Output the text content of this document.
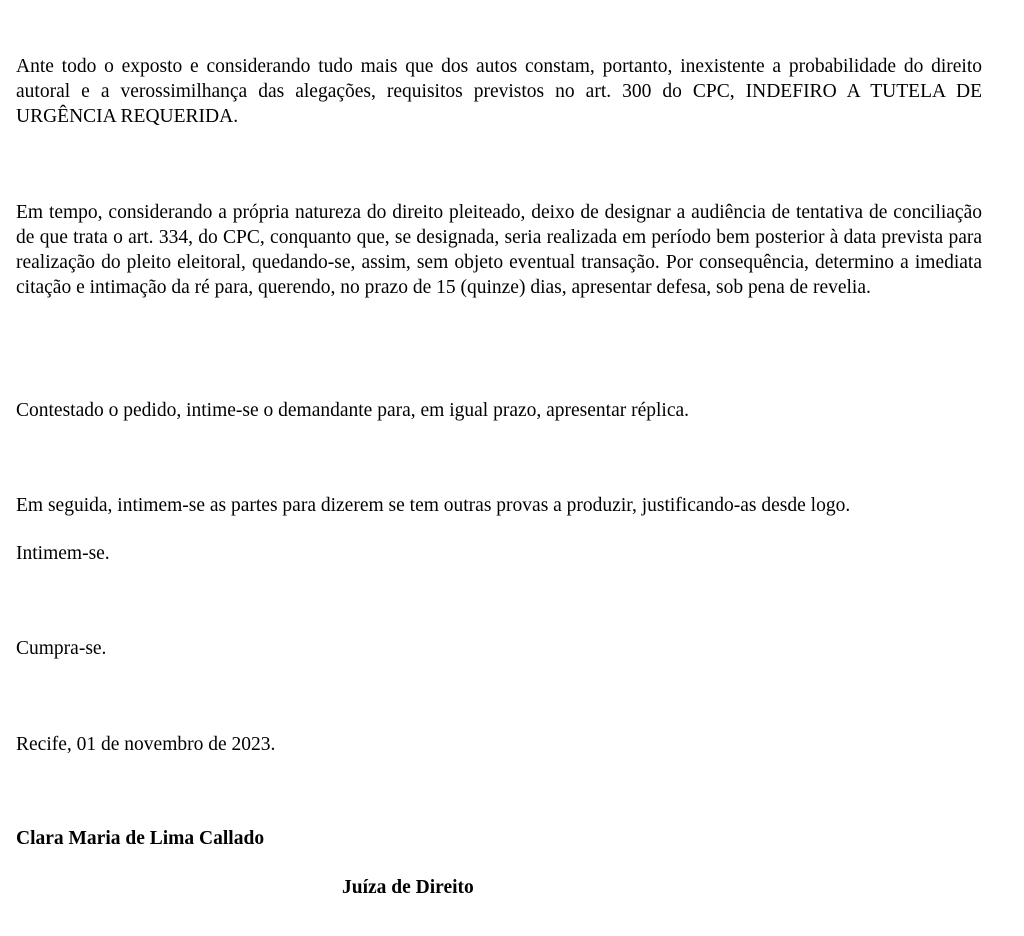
Ante todo o exposto e considerando tudo mais que dos autos constam, portanto, inexistente a probabilidade do direito autoral e a verossimilhança das alegações, requisitos previstos no art. 300 do CPC, INDEFIRO A TUTELA DE URGÊNCIA REQUERIDA.

Em tempo, considerando a própria natureza do direito pleiteado, deixo de designar a audiência de tentativa de conciliação de que trata o art. 334, do CPC, conquanto que, se designada, seria realizada em período bem posterior à data prevista para realização do pleito eleitoral, quedando-se, assim, sem objeto eventual transação. Por consequência, determino a imediata citação e intimação da ré para, querendo, no prazo de 15 (quinze) dias, apresentar defesa, sob pena de revelia.

Contestado o pedido, intime-se o demandante para, em igual prazo, apresentar réplica.

Em seguida, intimem-se as partes para dizerem se tem outras provas a produzir, justificando-as desde logo.

Intimem-se.

Cumpra-se.

Recife, 01 de novembro de 2023.

Clara Maria de Lima Callado

Juíza de Direito
